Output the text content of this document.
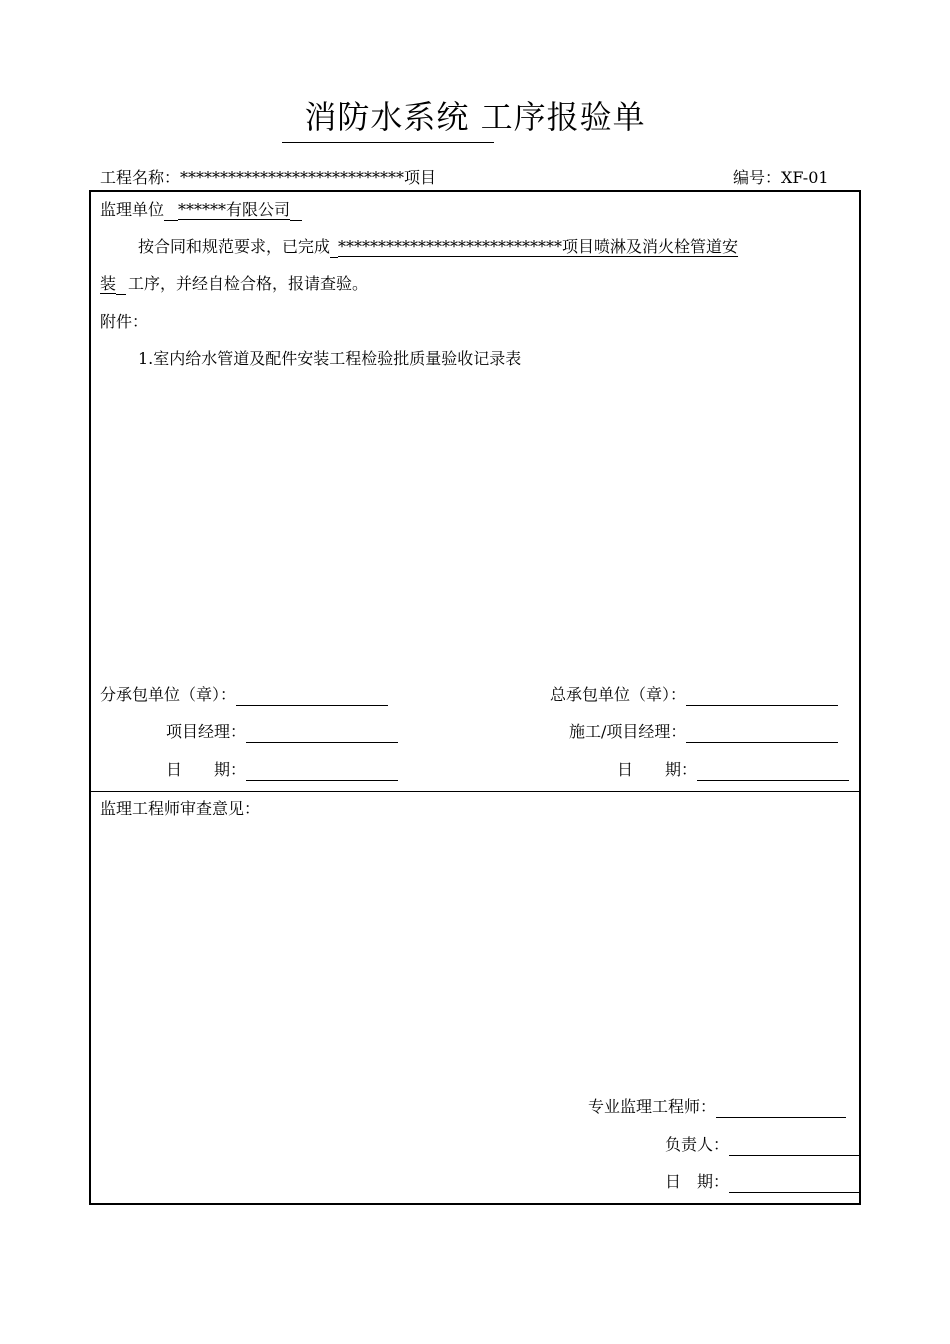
消防水系统 工序报验单
工程名称：****************************项目	编号：XF-01
监理单位 ******有限公司
按合同和规范要求，已完成 ****************************项目喷淋及消火栓管道安
装 工序，并经自检合格，报请查验。
附件：
1.室内给水管道及配件安装工程检验批质量验收记录表
分承包单位（章）：
项目经理：
日　　期：
总承包单位（章）：
施工/项目经理：
日　　期：
监理工程师审查意见：
专业监理工程师：
负责人：
日　期：
